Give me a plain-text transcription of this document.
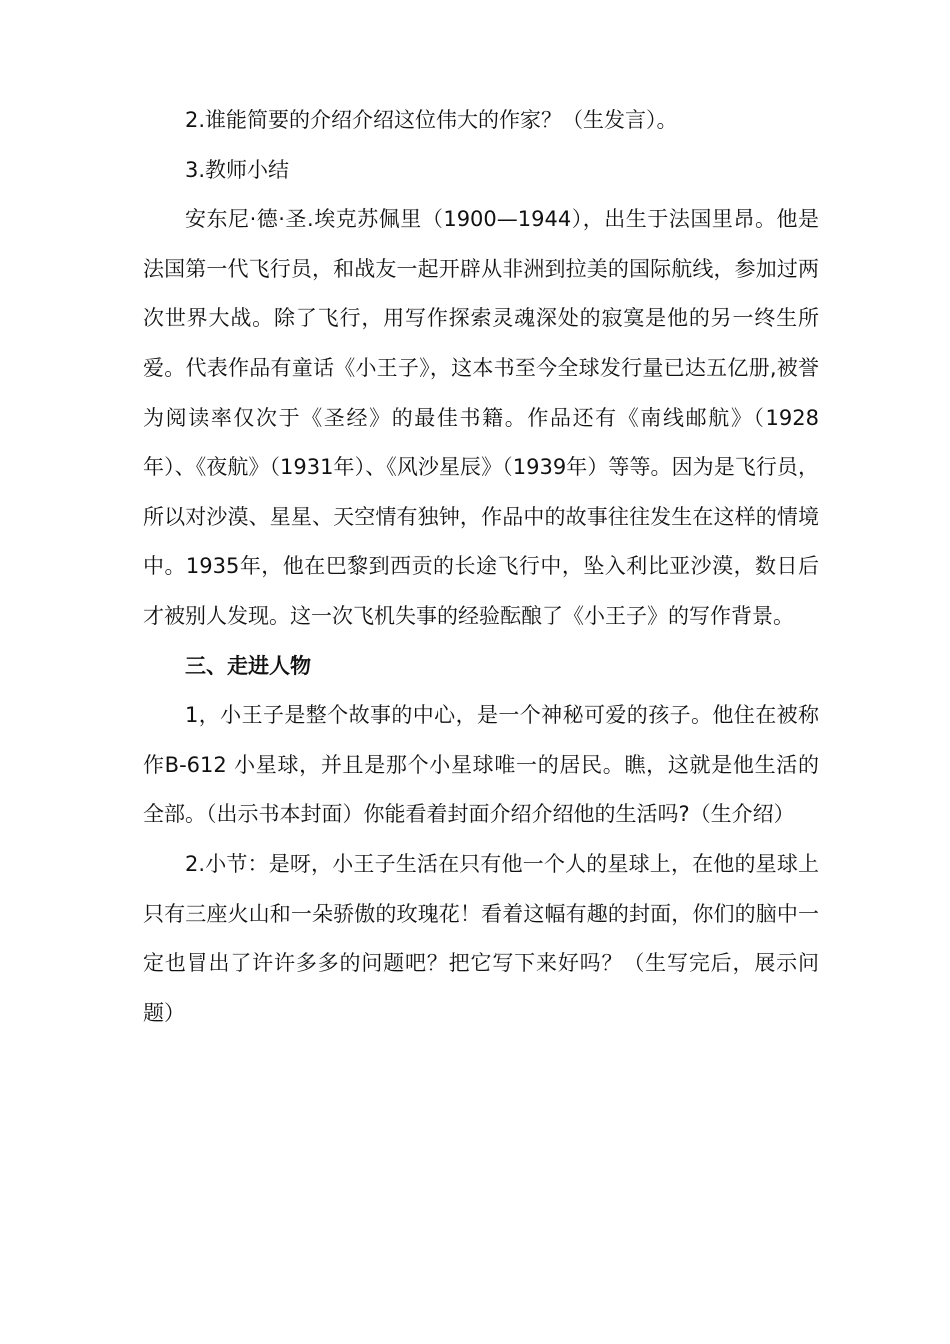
2.谁能简要的介绍介绍这位伟大的作家？（生发言）。

3.教师小结

安东尼·德·圣.埃克苏佩里（1900—1944），出生于法国里昂。他是法国第一代飞行员，和战友一起开辟从非洲到拉美的国际航线，参加过两次世界大战。除了飞行，用写作探索灵魂深处的寂寞是他的另一终生所爱。代表作品有童话《小王子》，这本书至今全球发行量已达五亿册,被誉为阅读率仅次于《圣经》的最佳书籍。作品还有《南线邮航》（1928年）、《夜航》（1931年）、《风沙星辰》（1939年）等等。因为是飞行员，所以对沙漠、星星、天空情有独钟，作品中的故事往往发生在这样的情境中。1935年，他在巴黎到西贡的长途飞行中，坠入利比亚沙漠，数日后才被别人发现。这一次飞机失事的经验酝酿了《小王子》的写作背景。

三、走进人物

1，小王子是整个故事的中心，是一个神秘可爱的孩子。他住在被称作B-612 小星球，并且是那个小星球唯一的居民。瞧，这就是他生活的全部。（出示书本封面）你能看着封面介绍介绍他的生活吗?（生介绍）

2.小节：是呀，小王子生活在只有他一个人的星球上，在他的星球上只有三座火山和一朵骄傲的玫瑰花！看着这幅有趣的封面，你们的脑中一定也冒出了许许多多的问题吧？把它写下来好吗？（生写完后，展示问题）
